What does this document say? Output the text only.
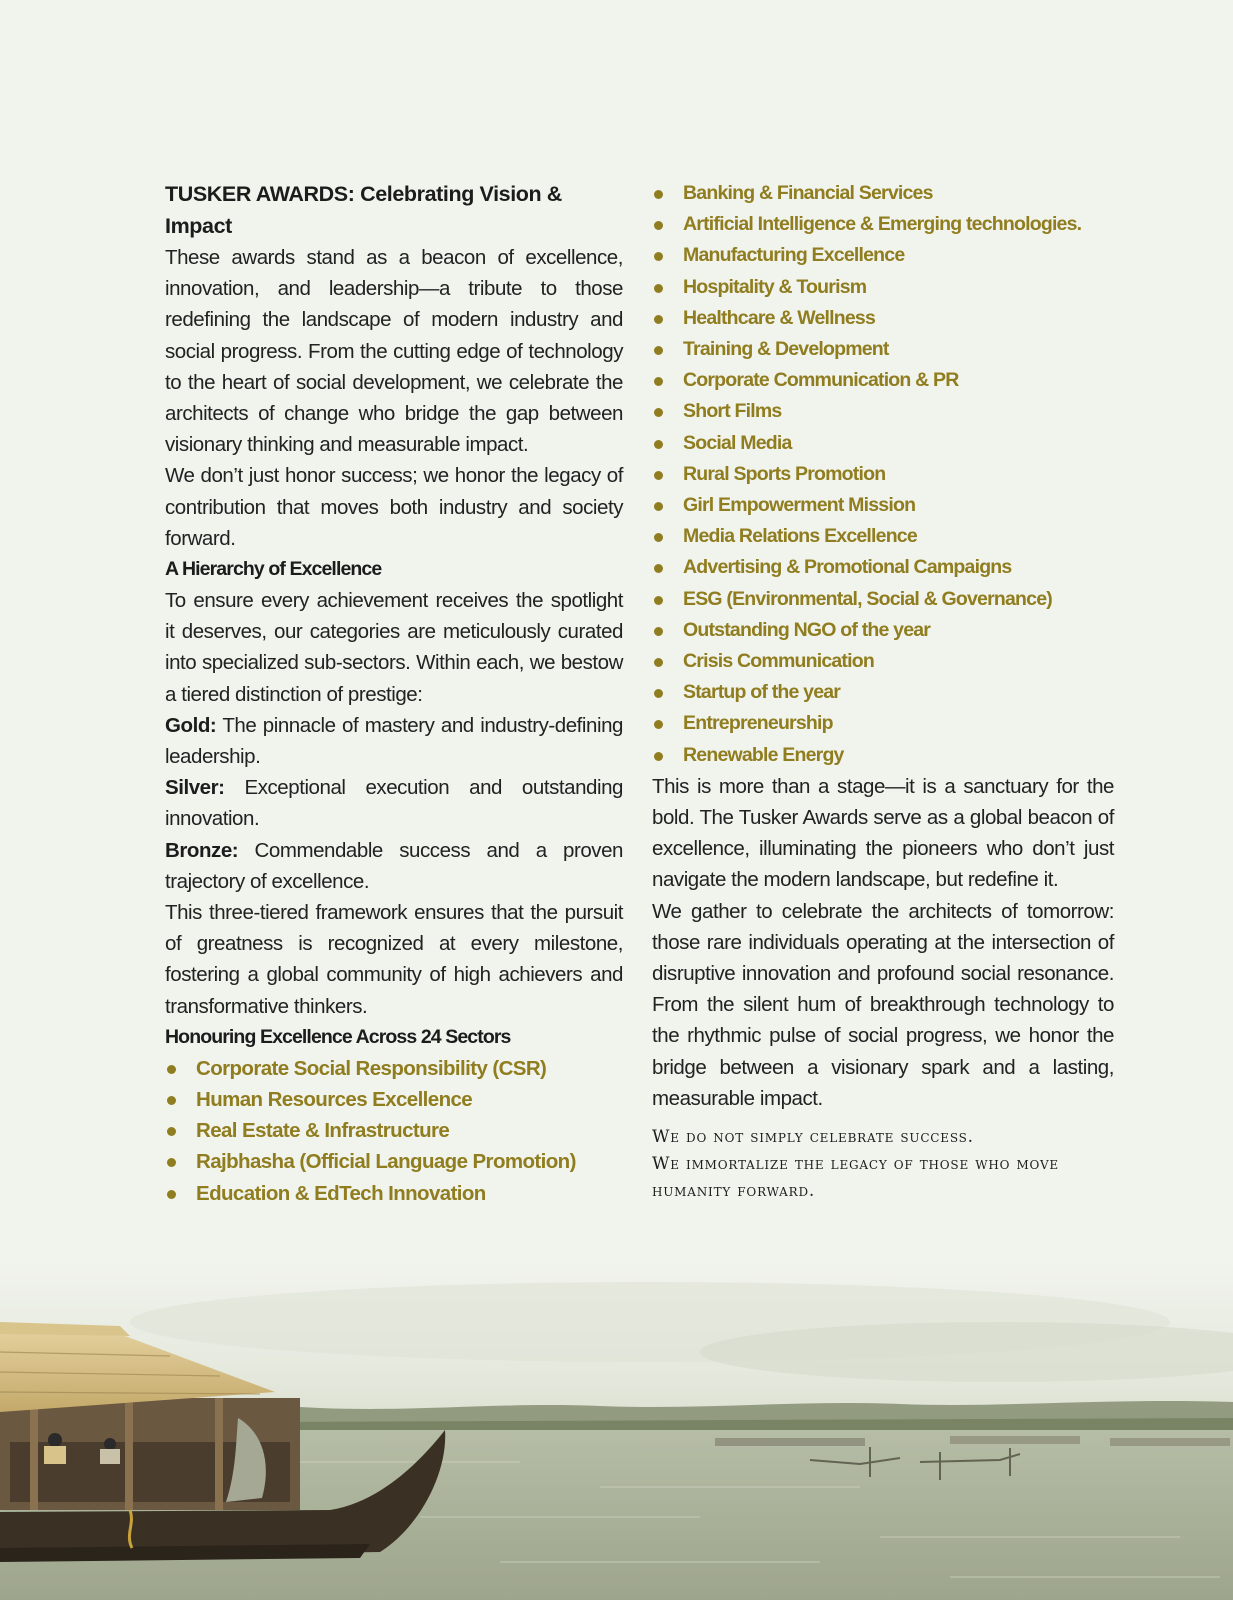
TUSKER AWARDS: Celebrating Vision & Impact

These awards stand as a beacon of excellence, innovation, and leadership—a tribute to those redefining the landscape of modern industry and social progress. From the cutting edge of technology to the heart of social development, we celebrate the architects of change who bridge the gap between visionary thinking and measurable impact.

We don’t just honor success; we honor the legacy of contribution that moves both industry and society forward.

A Hierarchy of Excellence

To ensure every achievement receives the spotlight it deserves, our categories are meticulously curated into specialized sub-sectors. Within each, we bestow a tiered distinction of prestige:

Gold: The pinnacle of mastery and industry-defining leadership.

Silver: Exceptional execution and outstanding innovation.

Bronze: Commendable success and a proven trajectory of excellence.

This three-tiered framework ensures that the pursuit of greatness is recognized at every milestone, fostering a global community of high achievers and transformative thinkers.

Honouring Excellence Across 24 Sectors
Corporate Social Responsibility (CSR)
Human Resources Excellence
Real Estate & Infrastructure
Rajbhasha (Official Language Promotion)
Education & EdTech Innovation
Banking & Financial Services
Artificial Intelligence & Emerging technologies.
Manufacturing Excellence
Hospitality & Tourism
Healthcare & Wellness
Training & Development
Corporate Communication & PR
Short Films
Social Media
Rural Sports Promotion
Girl Empowerment Mission
Media Relations Excellence
Advertising & Promotional Campaigns
ESG (Environmental, Social & Governance)
Outstanding NGO of the year
Crisis Communication
Startup of the year
Entrepreneurship
Renewable Energy

This is more than a stage—it is a sanctuary for the bold. The Tusker Awards serve as a global beacon of excellence, illuminating the pioneers who don’t just navigate the modern landscape, but redefine it.

We gather to celebrate the architects of tomorrow: those rare individuals operating at the intersection of disruptive innovation and profound social resonance. From the silent hum of breakthrough technology to the rhythmic pulse of social progress, we honor the bridge between a visionary spark and a lasting, measurable impact.

We do not simply celebrate success.
We immortalize the legacy of those who move humanity forward.
